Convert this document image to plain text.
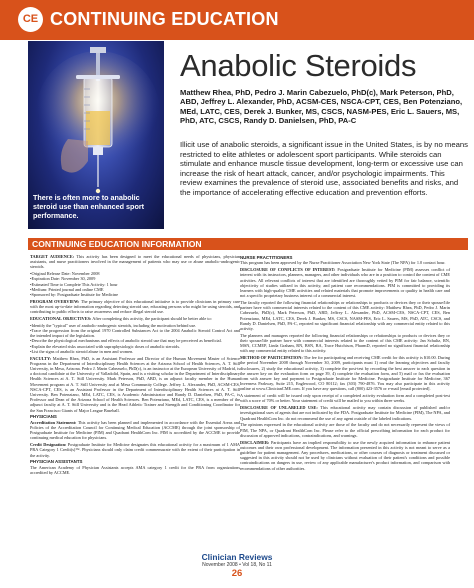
CE CONTINUING EDUCATION
There is often more to anabolic steroid use than enhanced sport performance.
Anabolic Steroids
Matthew Rhea, PhD, Pedro J. Marin Cabezuelo, PhD(c), Mark Peterson, PhD, ABD, Jeffrey L. Alexander, PhD, ACSM-CES, NSCA-CPT, CES, Ben Potenziano, MEd, LATC, CES, Derek J. Bunker, MS, CSCS, NASM-PES, Eric L. Sauers, MS, PhD, ATC, CSCS, Randy D. Danielsen, PhD, PA-C
Illicit use of anabolic steroids, a significant issue in the United States, is by no means restricted to elite athletes or adolescent sport participants. While steroids can stimulate and enhance muscle tissue development, long-term or excessive use can increase the risk of heart attack, cancer, and/or psychologic impairments. This review examines the prevalence of steroid use, associated benefits and risks, and the importance of accelerating effective education and prevention efforts.
CONTINUING EDUCATION INFORMATION
TARGET AUDIENCE: This activity has been designed to meet the educational needs of physicians, physician assistants, and nurse practitioners involved in the management of patients who may use or abuse anabolic-androgenic steroids.
• Original Release Date: November 2008
• Expiration Date: November 30, 2009
• Estimated Time to Complete This Activity: 1 hour
• Medium: Printed journal and online CME
• Sponsored by: Postgraduate Institute for Medicine
PROGRAM OVERVIEW: The primary objective of this educational initiative is to provide clinicians in primary care with the most up-to-date information regarding detecting steroid use, educating persons who might be using steroids, and contributing to public efforts to raise awareness and reduce illegal steroid use.
EDUCATIONAL OBJECTIVES: After completing this activity, the participant should be better able to:
• Identify the "typical" user of anabolic-androgenic steroids, including the motivation behind use.
• Trace the progression from the original 1970 Controlled Substances Act to the 2004 Anabolic Steroid Control Act and the intended impact of the legislation.
• Describe the physiological mechanisms and effects of anabolic steroid use that may be perceived as beneficial.
• Explain the elevated risks associated with supraphysiologic doses of anabolic steroids.
• List the signs of anabolic steroid abuse in men and women.
FACULTY: Matthew Rhea, PhD, is an Assistant Professor and Director of the Human Movement Master of Science Programs in the Department of Interdisciplinary Health Sciences at the Arizona School of Health Sciences, A. T. Still University, in Mesa, Arizona. Pedro J. Marin Cabezuelo, PhD(c), is an instructor at the European University of Madrid, is a doctoral candidate at the University of Valladolid, Spain, and is a visiting scholar in the Department of Interdisciplinary Health Sciences at A. T. Still University. Mark Peterson, PhD, ABD, is an adjunct faculty member in the Human Movement program at A. T. Still University and at Mesa Community College. Jeffrey L. Alexander, PhD, ACSM-CES, NSCA-CPT, CES, is an Assistant Professor in the Department of Interdisciplinary Health Sciences at A. T. Still University. Ben Potenziano, MEd, LATC, CES, is Academic Administrator and Randy D. Danielsen, PhD, PA-C, is Professor and Dean of the Arizona School of Health Sciences. Ben Potenziano, MEd, LATC, CES, is a member of the adjunct faculty at A. T. Still University and is the Head Athletic Trainer and Strength and Conditioning Coordinator for the San Francisco Giants of Major League Baseball.
PHYSICIANS
Accreditation Statement: This activity has been planned and implemented in accordance with the Essential Areas and Policies of the Accreditation Council for Continuing Medical Education (ACCME) through the joint sponsorship of Postgraduate Institute for Medicine (PIM) and Quadrant HealthCom Inc. PIM is accredited by the ACCME to provide continuing medical education for physicians.
Credit Designation: Postgraduate Institute for Medicine designates this educational activity for a maximum of 1 AMA PRA Category 1 Credit(s)™. Physicians should only claim credit commensurate with the extent of their participation in the activity.
PHYSICIAN ASSISTANTS
The American Academy of Physician Assistants accepts AMA category 1 credit for the PRA from organizations accredited by ACCME.
NURSE PRACTITIONERS
This program has been approved by the Nurse Practitioner Association New York State (The NPA) for 1.0 contact hour.
DISCLOSURE OF CONFLICTS OF INTEREST: Postgraduate Institute for Medicine (PIM) assesses conflict of interest with its instructors, planners, managers, and other individuals who are in a position to control the content of CME activities. All relevant conflicts of interest that are identified are thoroughly vetted by PIM for fair balance, scientific objectivity of studies utilized in this activity, and patient care recommendations. PIM is committed to providing its learners with high-quality CME activities and related materials that promote improvements or quality in health care and not a specific proprietary business interest of a commercial interest.
The faculty reported the following financial relationships or relationships to products or devices they or their spouse/life partner have with commercial interests related to the content of this CME activity: Matthew Rhea, PhD, Pedro J. Marin Cabezuelo, PhD(c), Mark Peterson, PhD, ABD, Jeffrey L. Alexander, PhD, ACSM-CES, NSCA-CPT, CES, Ben Potenziano, MEd, LATC, CES, Derek J. Bunker, MS, CSCS, NASM-PES, Eric L. Sauers, MS, PhD, ATC, CSCS, and Randy D. Danielsen, PhD, PA-C, reported no significant financial relationship with any commercial entity related to this activity.
The planners and managers reported the following financial relationships or relationships to products or devices they or their spouse/life partner have with commercial interests related to the content of this CME activity: Jan Schultz, RN, MSN, CCMEP, Linda Graham, RN, BSN, BA, Trace Hutchison, PharmD, reported no significant financial relationship with any commercial entity related to this activity.
METHOD OF PARTICIPATION: The fee for participating and receiving CME credit for this activity is $10.00. During the period November 2008 through November 30, 2009, participants must 1) read the learning objectives and faculty disclosures, 2) study the educational activity, 3) complete the post-test by recording the best answer to each question in the answer key on the evaluation form on page 39, 4) complete the evaluation form, and 5) mail or fax the evaluation form with answer key and payment to Postgraduate Institute for Medicine. Postgraduate Institute for Medicine, 367 Inverness Parkway, Suite 215, Englewood, CO 80112; fax (303) 790-4876. You may also participate in this activity online at www.ClinicianCME.com. If you have any questions, call (800) 423-3576 or e-mail [email protected].
A statement of credit will be issued only upon receipt of a completed activity evaluation form and a completed post-test with a score of 70% or better. Your statement of credit will be mailed to you within three weeks.
DISCLOSURE OF UNLABELED USE: This educational activity may contain discussion of published and/or investigational uses of agents that are not indicated by the FDA. Postgraduate Institute for Medicine (PIM), The NPA, and Quadrant HealthCom Inc. do not recommend the use of any agent outside of the labeled indications.
The opinions expressed in the educational activity are those of the faculty and do not necessarily represent the views of PIM, The NPA, or Quadrant HealthCom Inc. Please refer to the official prescribing information for each product for discussion of approved indications, contraindications, and warnings.
DISCLAIMER: Participants have an implied responsibility to use the newly acquired information to enhance patient outcomes and their own professional development. The information presented in this activity is not meant to serve as a guideline for patient management. Any procedures, medications, or other courses of diagnosis or treatment discussed or suggested in this activity should not be used by clinicians without evaluation of their patient's conditions and possible contraindications on dangers in use, review of any applicable manufacturer's product information, and comparison with recommendations of other authorities.
Clinician Reviews
November 2008 • Vol 18, No 11
26
